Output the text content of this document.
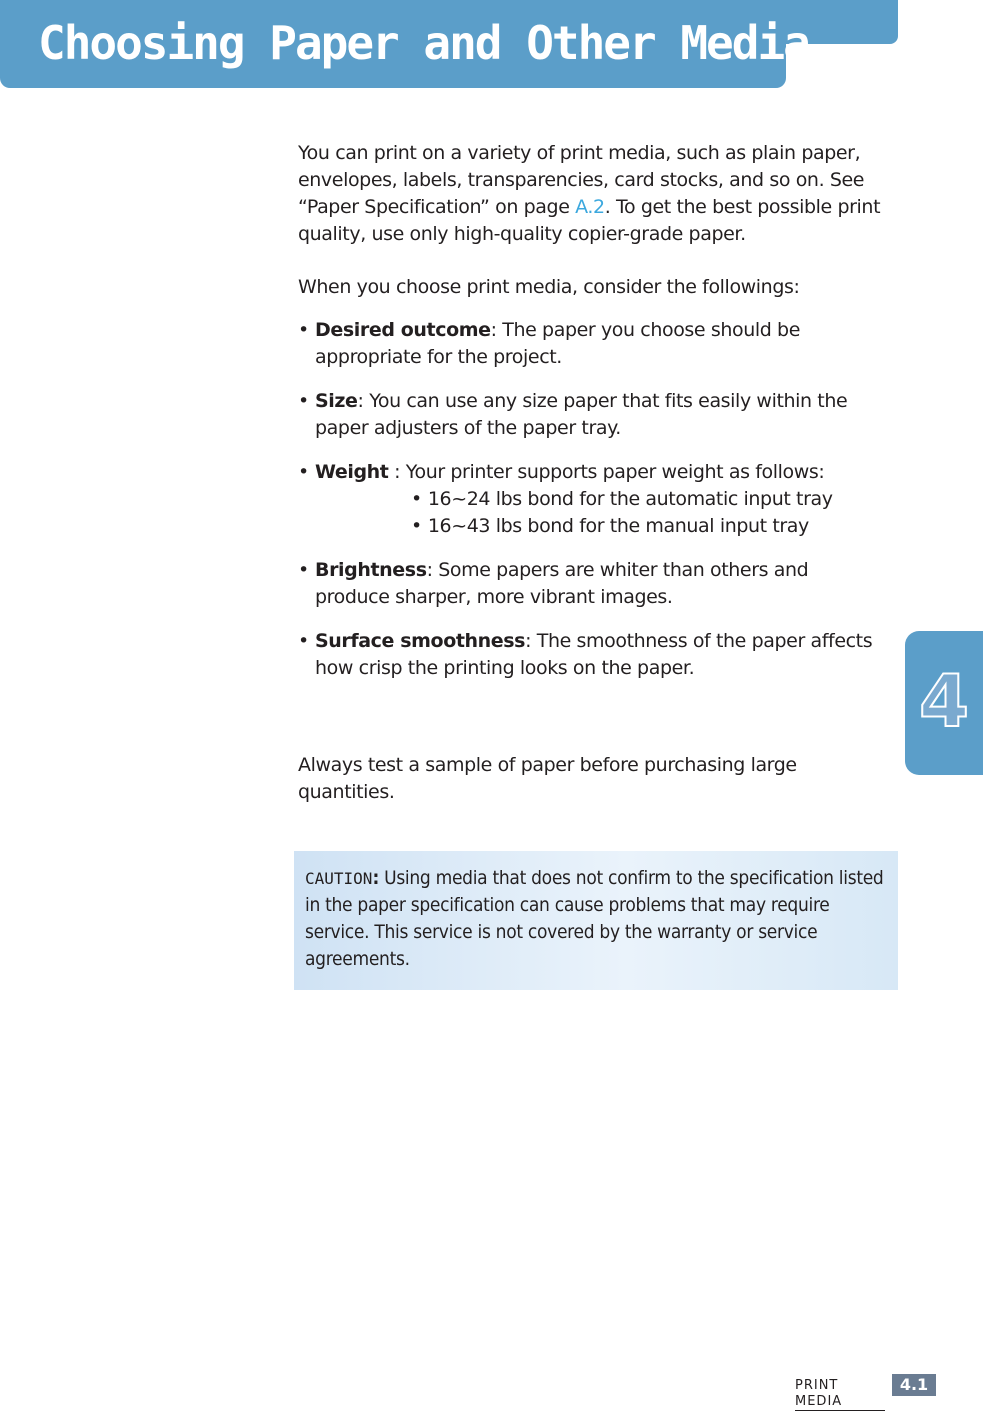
Choosing Paper and Other Media
You can print on a variety of print media, such as plain paper, envelopes, labels, transparencies, card stocks, and so on. See “Paper Specification” on page A.2. To get the best possible print quality, use only high-quality copier-grade paper.
When you choose print media, consider the followings:
• Desired outcome: The paper you choose should be appropriate for the project.
• Size: You can use any size paper that fits easily within the paper adjusters of the paper tray.
• Weight : Your printer supports paper weight as follows:
• 16~24 lbs bond for the automatic input tray
• 16~43 lbs bond for the manual input tray
• Brightness: Some papers are whiter than others and produce sharper, more vibrant images.
• Surface smoothness: The smoothness of the paper affects how crisp the printing looks on the paper.
Always test a sample of paper before purchasing large quantities.
CAUTION: Using media that does not confirm to the specification listed in the paper specification can cause problems that may require service. This service is not covered by the warranty or service agreements.
4
PRINT MEDIA
4.1
